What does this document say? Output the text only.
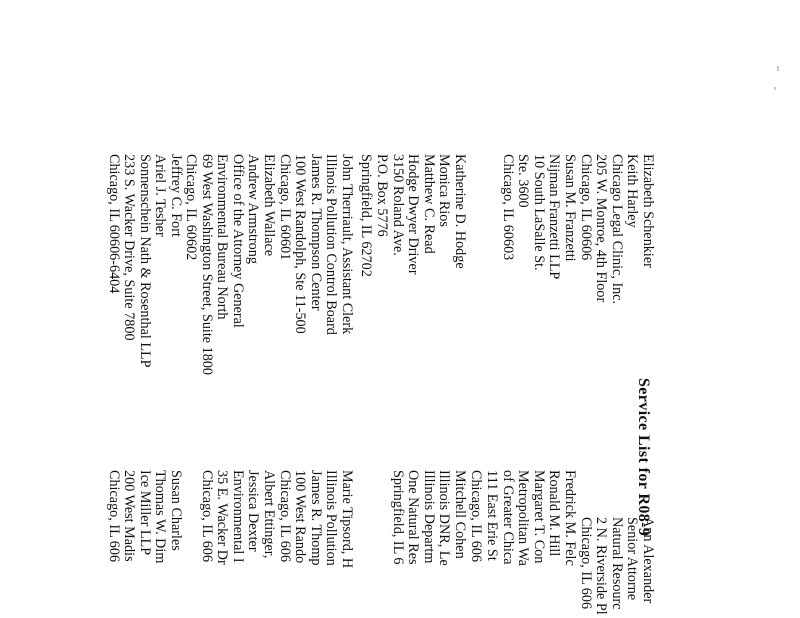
Service List for R08-9
Elizabeth Schenkier
Keith Harley
Chicago Legal Clinic, Inc.
205 W. Monroe, 4th Floor
Chicago, IL 60606
Susan M. Franzetti
Nijman Franzetti LLP
10 South LaSalle St.
Ste. 3600
Chicago, IL 60603
Katherine D. Hodge
Monica Rios
Matthew C. Read
Hodge Dwyer Driver
3150 Roland Ave.
P.O. Box 5776
Springfield, IL 62702
John Therriault, Assistant Clerk
Illinois Pollution Control Board
James R. Thompson Center
100 West Randolph, Ste 11-500
Chicago, IL 60601
Elizabeth Wallace
Andrew Armstrong
Office of the Attorney General
Environmental Bureau North
69 West Washington Street, Suite 1800
Chicago, IL 60602
Jeffrey C. Fort
Ariel J. Tesher
Sonnenschein Nath & Rosenthal LLP
233 S. Wacker Drive, Suite 7800
Chicago, IL 60606-6404
Ann Alexander
Senior Attorne
Natural Resourc
2 N. Riverside Pl
Chicago, IL 606
Fredrick M. Felc
Ronald M. Hill
Margaret T. Con
Metropolitan Wa
of Greater Chica
111 East Erie St
Chicago, IL 606
Mitchell Cohen
Illinois DNR, Le
Illinois Departm
One Natural Res
Springfield, IL 6
Marie Tipsord, H
Illinois Pollution
James R. Thomp
100 West Rando
Chicago, IL 606
Albert Ettinger,
Jessica Dexter
Environmental I
35 E. Wacker Dr
Chicago, IL 606
Susan Charles
Thomas W. Dim
Ice Miller LLP
200 West Madis
Chicago, IL 606
